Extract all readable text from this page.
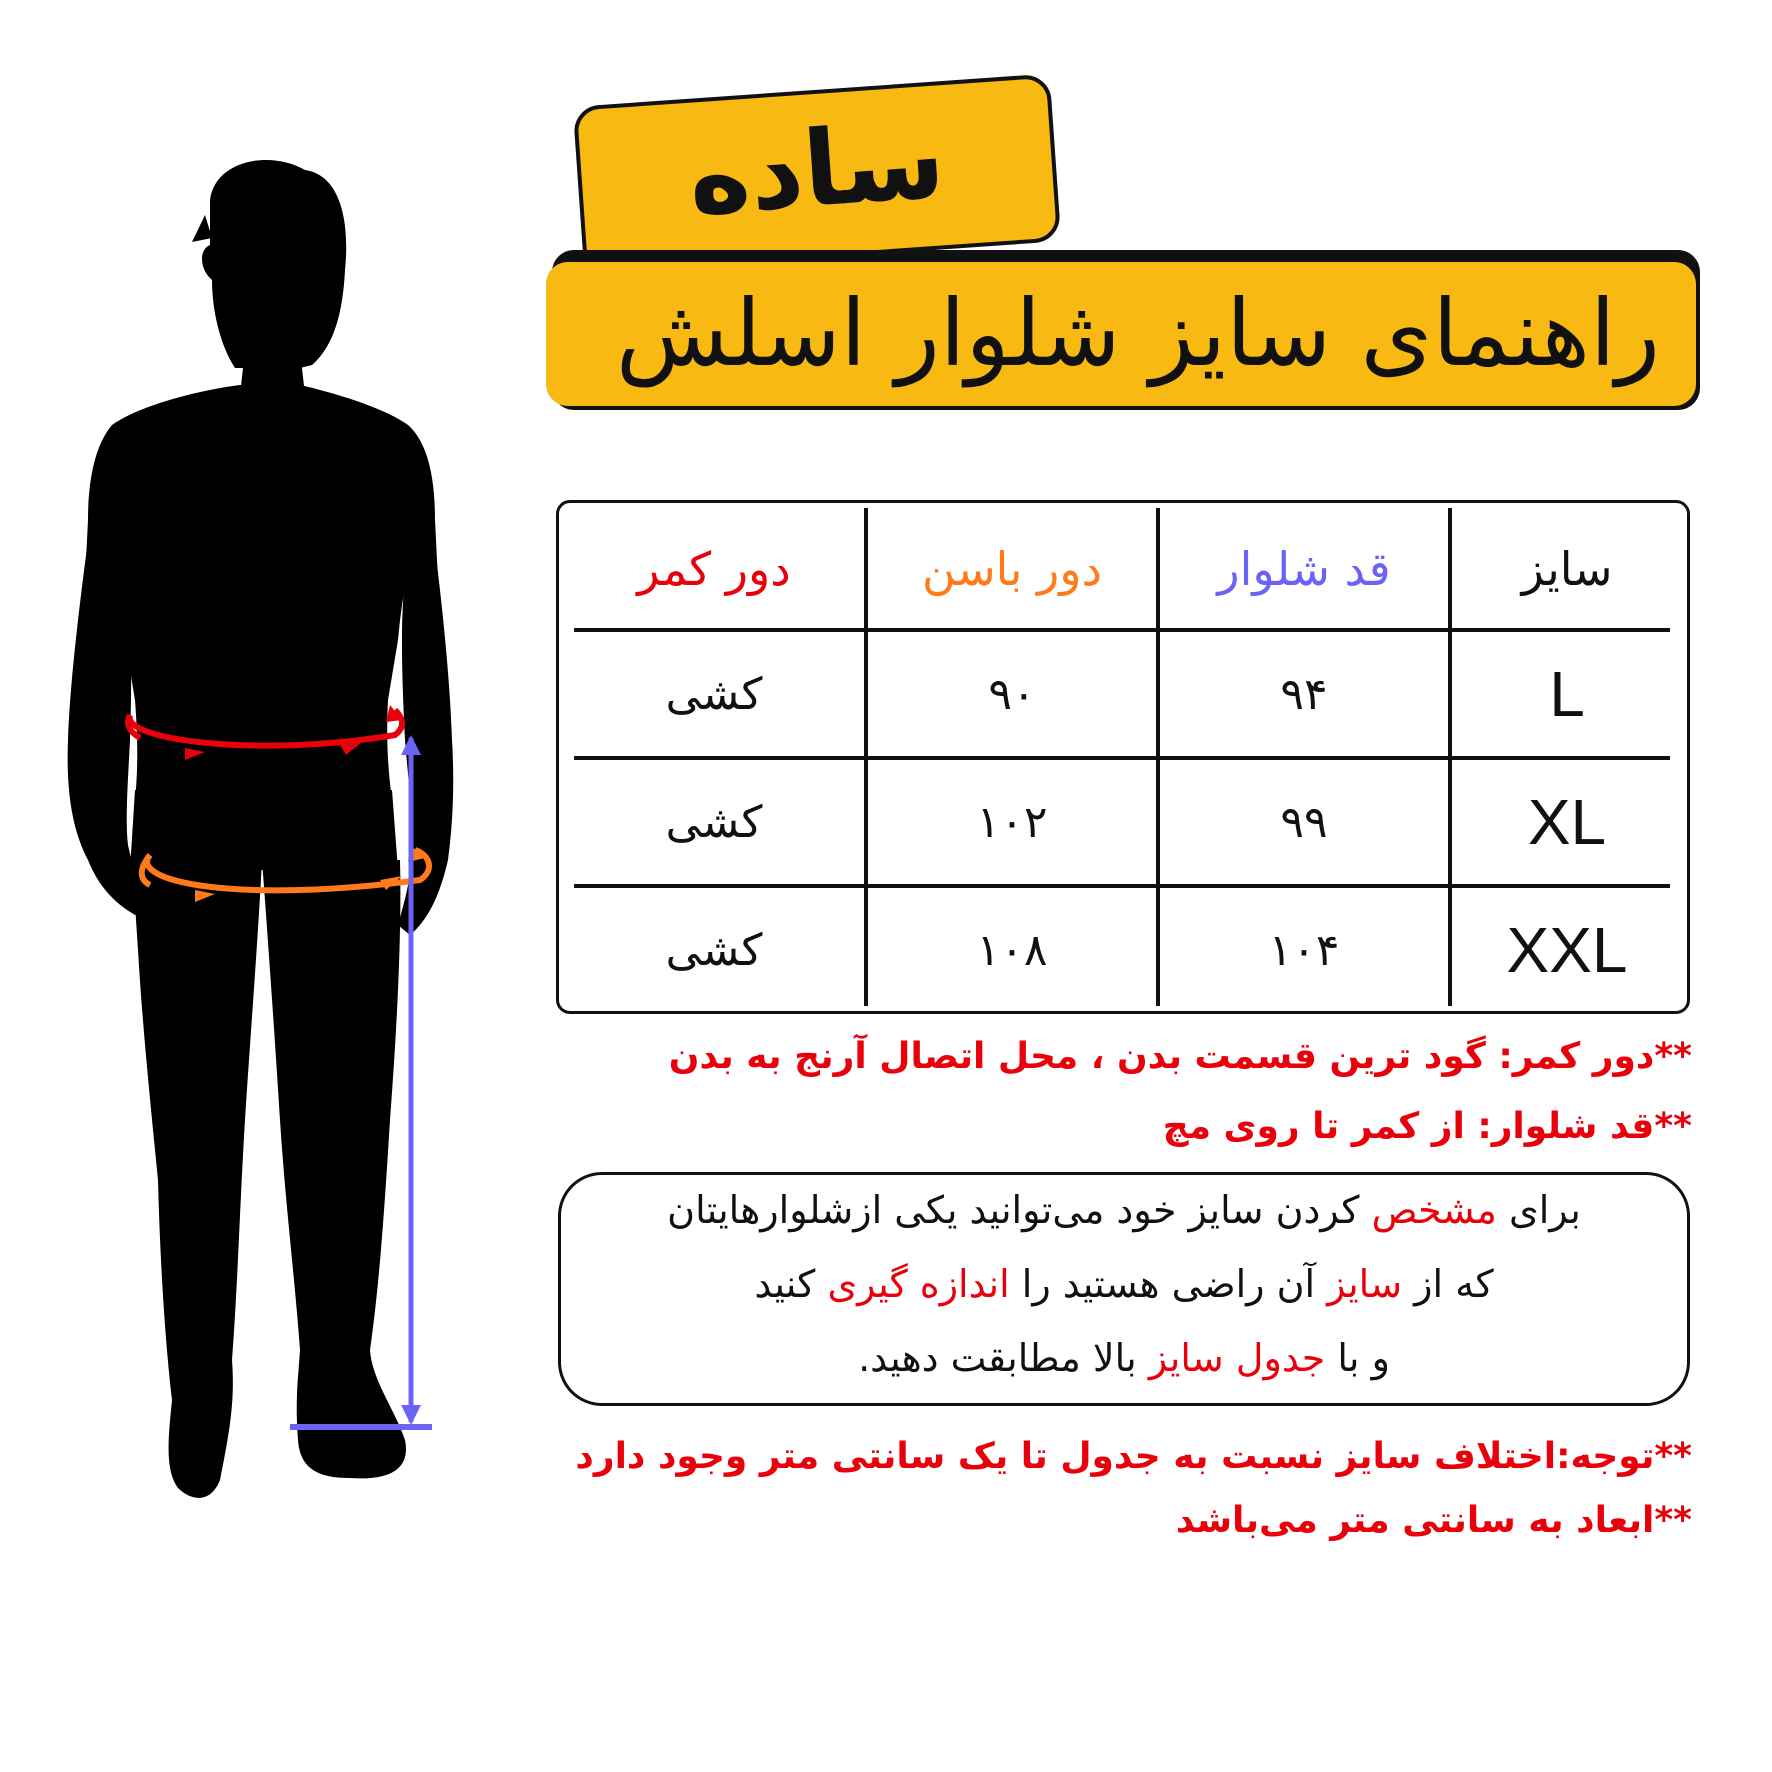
ساده
راهنمای سایز شلوار اسلش
سایز
قد شلوار
دور باسن
دور کمر
L
۹۴
۹۰
کشی
XL
۹۹
۱۰۲
کشی
XXL
۱۰۴
۱۰۸
کشی
**دور کمر: گود ترین قسمت بدن ، محل اتصال آرنج به بدن
**قد شلوار: از کمر تا روی مچ
برای مشخص کردن سایز خود می‌توانید یکی ازشلوارهایتان
که از سایز آن راضی هستید را اندازه گیری کنید
و با جدول سایز بالا مطابقت دهید.
**توجه:اختلاف سایز نسبت به جدول تا یک سانتی متر وجود دارد
**ابعاد به سانتی متر می‌باشد
